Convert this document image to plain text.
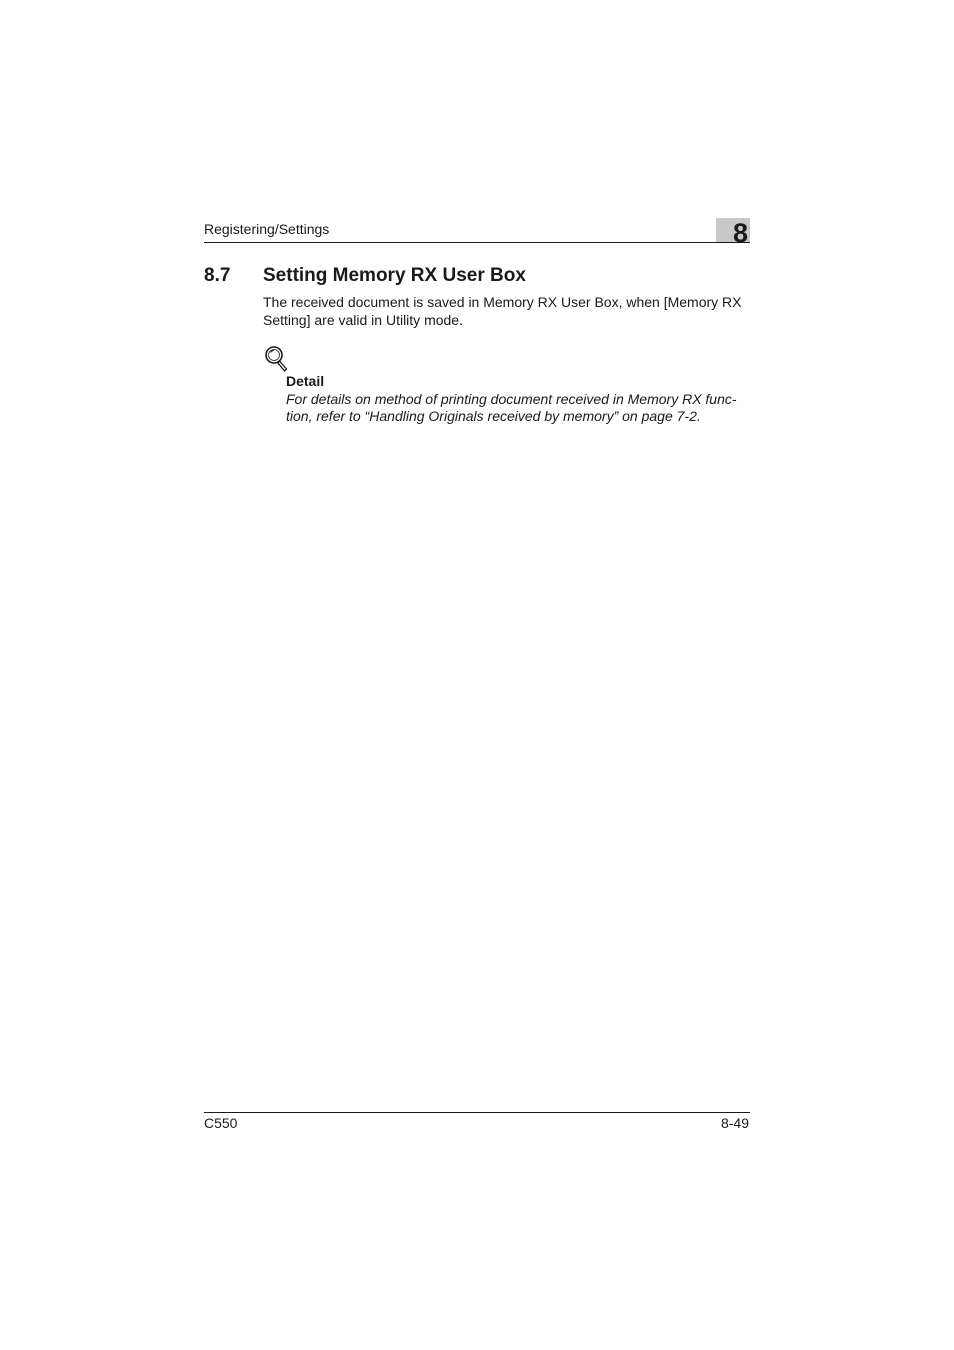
Registering/Settings	8
8.7 Setting Memory RX User Box
The received document is saved in Memory RX User Box, when [Memory RX
Setting] are valid in Utility mode.
Detail
For details on method of printing document received in Memory RX func-
tion, refer to “Handling Originals received by memory” on page 7-2.
C550	8-49
